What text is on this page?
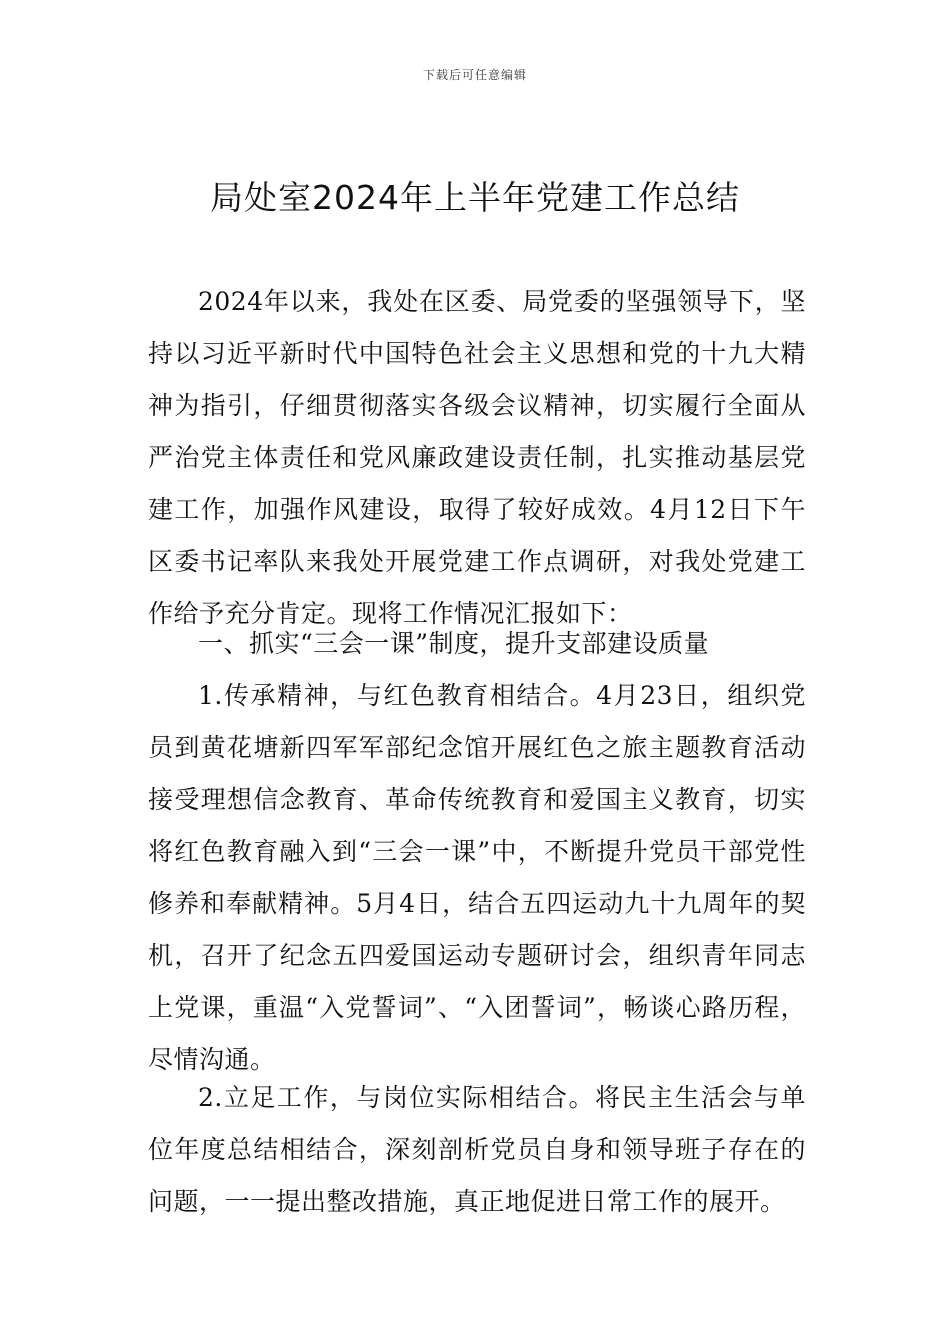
下载后可任意编辑
局处室2024年上半年党建工作总结

2024年以来，我处在区委、局党委的坚强领导下，坚持以习近平新时代中国特色社会主义思想和党的十九大精神为指引，仔细贯彻落实各级会议精神，切实履行全面从严治党主体责任和党风廉政建设责任制，扎实推动基层党建工作，加强作风建设，取得了较好成效。4月12日下午区委书记率队来我处开展党建工作点调研，对我处党建工作给予充分肯定。现将工作情况汇报如下：

一、抓实“三会一课”制度，提升支部建设质量

1.传承精神，与红色教育相结合。4月23日，组织党员到黄花塘新四军军部纪念馆开展红色之旅主题教育活动接受理想信念教育、革命传统教育和爱国主义教育，切实将红色教育融入到“三会一课”中，不断提升党员干部党性修养和奉献精神。5月4日，结合五四运动九十九周年的契机，召开了纪念五四爱国运动专题研讨会，组织青年同志上党课，重温“入党誓词”、“入团誓词”，畅谈心路历程，尽情沟通。

2.立足工作，与岗位实际相结合。将民主生活会与单位年度总结相结合，深刻剖析党员自身和领导班子存在的问题，一一提出整改措施，真正地促进日常工作的展开。
